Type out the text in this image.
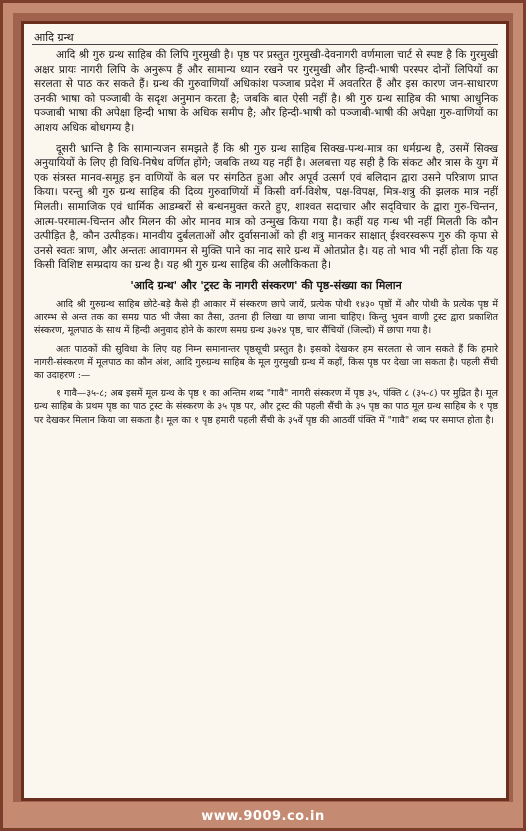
आदि ग्रन्थ

आदि श्री गुरु ग्रन्थ साहिब की लिपि गुरमुखी है। पृष्ठ पर प्रस्तुत गुरमुखी-देवनागरी वर्णमाला चार्ट से स्पष्ट है कि गुरमुखी अक्षर प्रायः नागरी लिपि के अनुरूप हैं और सामान्य ध्यान रखने पर गुरमुखी और हिन्दी-भाषी परस्पर दोनों लिपियों का सरलता से पाठ कर सकते हैं। ग्रन्थ की गुरुवाणियाँ अधिकांश पञ्जाब प्रदेश में अवतरित हैं और इस कारण जन-साधारण उनकी भाषा को पञ्जाबी के सदृश अनुमान करता है; जबकि बात ऐसी नहीं है। श्री गुरु ग्रन्थ साहिब की भाषा आधुनिक पञ्जाबी भाषा की अपेक्षा हिन्दी भाषा के अधिक समीप है; और हिन्दी-भाषी को पञ्जाबी-भाषी की अपेक्षा गुरु-वाणियों का आशय अधिक बोधगम्य है।

दूसरी भ्रान्ति है कि सामान्यजन समझते हैं कि श्री गुरु ग्रन्थ साहिब सिक्ख-पन्थ-मात्र का धर्मग्रन्थ है, उसमें सिक्ख अनुयायियों के लिए ही विधि-निषेध वर्णित होंगे; जबकि तथ्य यह नहीं है। अलबत्ता यह सही है कि संकट और त्रास के युग में एक संत्रस्त मानव-समूह इन वाणियों के बल पर संगठित हुआ और अपूर्व उत्सर्ग एवं बलिदान द्वारा उसने परित्राण प्राप्त किया। परन्तु श्री गुरु ग्रन्थ साहिब की दिव्य गुरुवाणियों में किसी वर्ग-विशेष, पक्ष-विपक्ष, मित्र-शत्रु की झलक मात्र नहीं मिलती। सामाजिक एवं धार्मिक आडम्बरों से बन्धनमुक्त करते हुए, शाश्वत सदाचार और सद्‌विचार के द्वारा गुरु-चिन्तन, आत्म-परमात्म-चिन्तन और मिलन की ओर मानव मात्र को उन्मुख किया गया है। कहीं यह गन्ध भी नहीं मिलती कि कौन उत्पीड़ित है, कौन उत्पीड़क। मानवीय दुर्बलताओं और दुर्वासनाओं को ही शत्रु मानकर साक्षात् ईश्वरस्वरूप गुरु की कृपा से उनसे स्वतः त्राण, और अन्ततः आवागमन से मुक्ति पाने का नाद सारे ग्रन्थ में ओतप्रोत है। यह तो भाव भी नहीं होता कि यह किसी विशिष्ट सम्प्रदाय का ग्रन्थ है। यह श्री गुरु ग्रन्थ साहिब की अलौकिकता है।

'आदि ग्रन्थ' और 'ट्रस्ट के नागरी संस्करण' की पृष्ठ-संख्या का मिलान

आदि श्री गुरुग्रन्थ साहिब छोटे-बड़े कैसे ही आकार में संस्करण छापे जायें, प्रत्येक पोथी १४३० पृष्ठों में और पोथी के प्रत्येक पृष्ठ में आरम्भ से अन्त तक का समग्र पाठ भी जैसा का तैसा, उतना ही लिखा या छापा जाना चाहिए। किन्तु भुवन वाणी ट्रस्ट द्वारा प्रकाशित संस्करण, मूलपाठ के साथ में हिन्दी अनुवाद होने के कारण समग्र ग्रन्थ ३७२४ पृष्ठ, चार सैंचियों (जिल्दों) में छापा गया है।

अतः पाठकों की सुविधा के लिए यह निम्न समानान्तर पृष्ठसूची प्रस्तुत है। इसको देखकर हम सरलता से जान सकते हैं कि हमारे नागरी-संस्करण में मूलपाठ का कौन अंश, आदि गुरुग्रन्थ साहिब के मूल गुरमुखी ग्रन्थ में कहाँ, किस पृष्ठ पर देखा जा सकता है। पहली सैंची का उदाहरण :—

१ गावै—३५-८; अब इसमें मूल ग्रन्थ के पृष्ठ १ का अन्तिम शब्द "गावै" नागरी संस्करण में पृष्ठ ३५, पंक्ति ८ (३५-८) पर मुद्रित है। मूल ग्रन्थ साहिब के प्रथम पृष्ठ का पाठ ट्रस्ट के संस्करण के ३५ पृष्ठ पर, और ट्रस्ट की पहली सैंची के ३५ पृष्ठ का पाठ मूल ग्रन्थ साहिब के १ पृष्ठ पर देखकर मिलान किया जा सकता है। मूल का १ पृष्ठ हमारी पहली सैंची के ३५वें पृष्ठ की आठवीं पंक्ति में "गावै" शब्द पर समाप्त होता है।

www.9009.co.in
